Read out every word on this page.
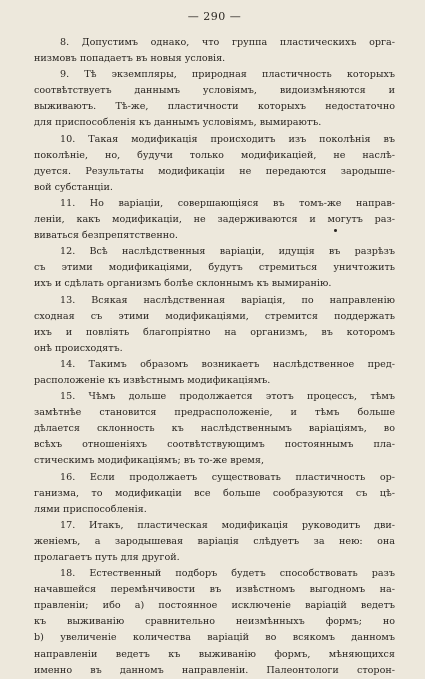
— 290 —
8. Допустимъ однако, что группа пластическихъ орга-
низмовъ попадаетъ въ новыя условія.
9. Тѣ экземпляры, природная пластичность которыхъ
соотвѣтствуетъ даннымъ условіямъ, видоизмѣняются и
выживаютъ. Тѣ-же, пластичности которыхъ недостаточно
для приспособленія къ даннымъ условіямъ, вымираютъ.
10. Такая модификація происходитъ изъ поколѣнія въ
поколѣніе, но, будучи только модификаціей, не наслѣ-
дуется. Результаты модификаціи не передаются зародыше-
вой субстанціи.
11. Но варіаціи, совершающіяся въ томъ-же направ-
леніи, какъ модификаціи, не задерживаются и могутъ раз-
виваться безпрепятственно.
12. Всѣ наслѣдственныя варіаціи, идущія въ разрѣзъ
съ этими модификаціями, будутъ стремиться уничтожить
ихъ и сдѣлать организмъ болѣе склоннымъ къ вымиранію.
13. Всякая наслѣдственная варіація, по направленію
сходная съ этими модификаціями, стремится поддержать
ихъ и повліять благопріятно на организмъ, въ которомъ
онѣ происходятъ.
14. Такимъ образомъ возникаетъ наслѣдственное пред-
расположеніе къ извѣстнымъ модификаціямъ.
15. Чѣмъ дольше продолжается этотъ процессъ, тѣмъ
замѣтнѣе становится предрасположеніе, и тѣмъ больше
дѣлается склонность къ наслѣдственнымъ варіаціямъ, во
всѣхъ отношеніяхъ соотвѣтствующимъ постояннымъ пла-
стическимъ модификаціямъ; въ то-же время,
16. Если продолжаетъ существовать пластичность ор-
ганизма, то модификаціи все больше сообразуются съ цѣ-
лями приспособленія.
17. Итакъ, пластическая модификація руководитъ дви-
женіемъ, а зародышевая варіація слѣдуетъ за нею: она
пролагаетъ путь для другой.
18. Естественный подборъ будетъ способствовать разъ
начавшейся перемѣнчивости въ извѣстномъ выгодномъ на-
правленіи; ибо a) постоянное исключеніе варіацій ведетъ
къ выживанію сравнительно неизмѣнныхъ формъ; но
b) увеличеніе количества варіацій во всякомъ данномъ
направленіи ведетъ къ выживанію формъ, мѣняющихся
именно въ данномъ направленіи. Палеонтологи сторон-
